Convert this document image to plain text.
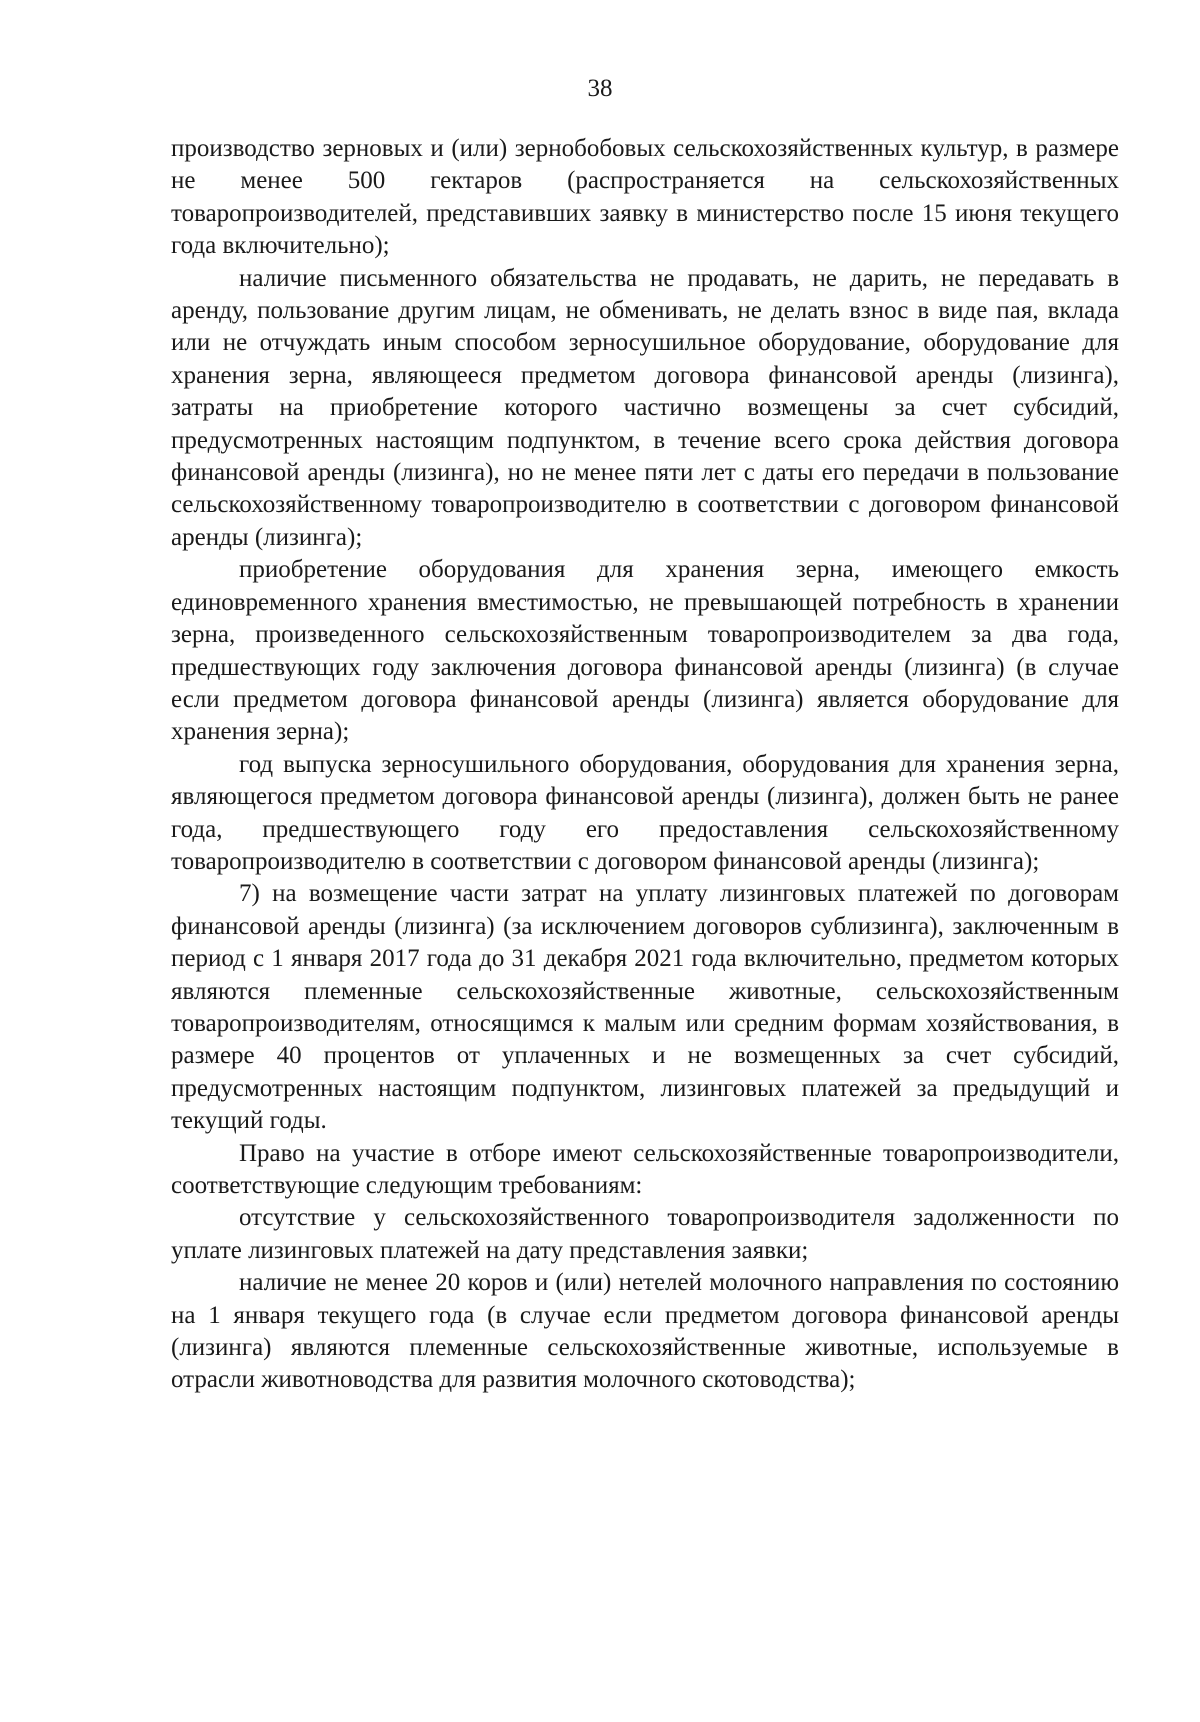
38

производство зерновых и (или) зернобобовых сельскохозяйственных культур, в размере не менее 500 гектаров (распространяется на сельскохозяйственных товаропроизводителей, представивших заявку в министерство после 15 июня текущего года включительно);

наличие письменного обязательства не продавать, не дарить, не передавать в аренду, пользование другим лицам, не обменивать, не делать взнос в виде пая, вклада или не отчуждать иным способом зерносушильное оборудование, оборудование для хранения зерна, являющееся предметом договора финансовой аренды (лизинга), затраты на приобретение которого частично возмещены за счет субсидий, предусмотренных настоящим подпунктом, в течение всего срока действия договора финансовой аренды (лизинга), но не менее пяти лет с даты его передачи в пользование сельскохозяйственному товаропроизводителю в соответствии с договором финансовой аренды (лизинга);

приобретение оборудования для хранения зерна, имеющего емкость единовременного хранения вместимостью, не превышающей потребность в хранении зерна, произведенного сельскохозяйственным товаропроизводителем за два года, предшествующих году заключения договора финансовой аренды (лизинга) (в случае если предметом договора финансовой аренды (лизинга) является оборудование для хранения зерна);

год выпуска зерносушильного оборудования, оборудования для хранения зерна, являющегося предметом договора финансовой аренды (лизинга), должен быть не ранее года, предшествующего году его предоставления сельскохозяйственному товаропроизводителю в соответствии с договором финансовой аренды (лизинга);

7) на возмещение части затрат на уплату лизинговых платежей по договорам финансовой аренды (лизинга) (за исключением договоров сублизинга), заключенным в период с 1 января 2017 года до 31 декабря 2021 года включительно, предметом которых являются племенные сельскохозяйственные животные, сельскохозяйственным товаропроизводителям, относящимся к малым или средним формам хозяйствования, в размере 40 процентов от уплаченных и не возмещенных за счет субсидий, предусмотренных настоящим подпунктом, лизинговых платежей за предыдущий и текущий годы.

Право на участие в отборе имеют сельскохозяйственные товаропроизводители, соответствующие следующим требованиям:

отсутствие у сельскохозяйственного товаропроизводителя задолженности по уплате лизинговых платежей на дату представления заявки;

наличие не менее 20 коров и (или) нетелей молочного направления по состоянию на 1 января текущего года (в случае если предметом договора финансовой аренды (лизинга) являются племенные сельскохозяйственные животные, используемые в отрасли животноводства для развития молочного скотоводства);
